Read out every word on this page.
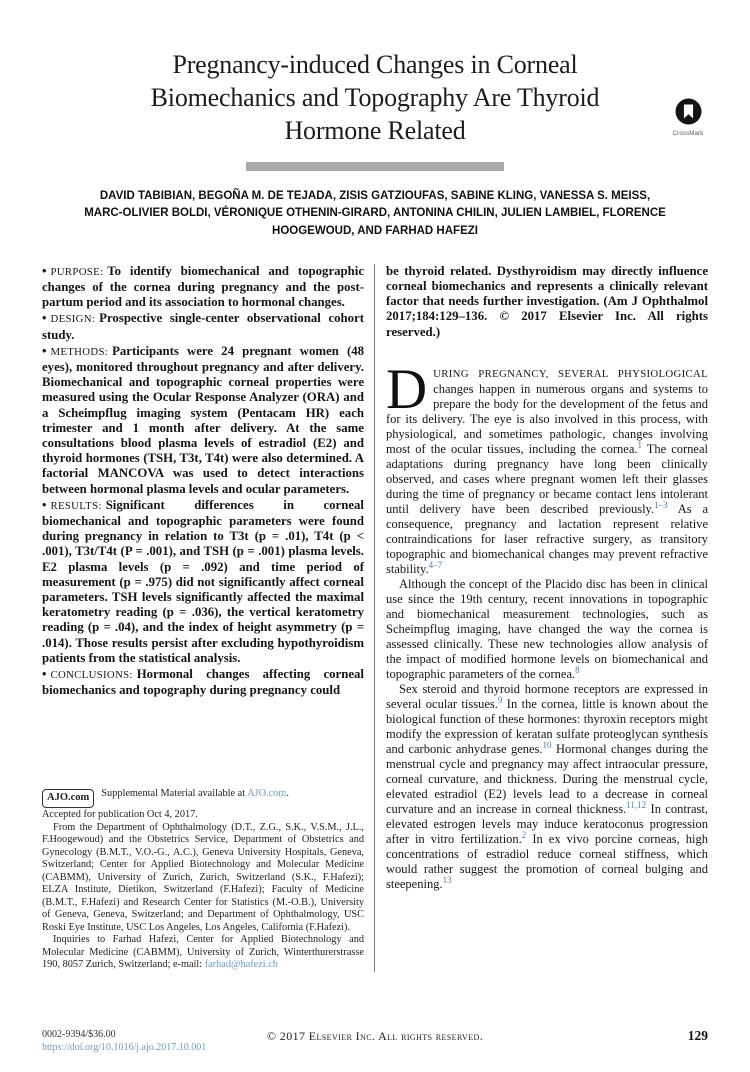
CrossMark
Pregnancy-induced Changes in Corneal Biomechanics and Topography Are Thyroid Hormone Related
DAVID TABIBIAN, BEGOÑA M. DE TEJADA, ZISIS GATZIOUFAS, SABINE KLING, VANESSA S. MEISS, MARC-OLIVIER BOLDI, VÉRONIQUE OTHENIN-GIRARD, ANTONINA CHILIN, JULIEN LAMBIEL, FLORENCE HOOGEWOUD, AND FARHAD HAFEZI

• PURPOSE: To identify biomechanical and topographic changes of the cornea during pregnancy and the post-partum period and its association to hormonal changes.

• DESIGN: Prospective single-center observational cohort study.

• METHODS: Participants were 24 pregnant women (48 eyes), monitored throughout pregnancy and after delivery. Biomechanical and topographic corneal properties were measured using the Ocular Response Analyzer (ORA) and a Scheimpflug imaging system (Pentacam HR) each trimester and 1 month after delivery. At the same consultations blood plasma levels of estradiol (E2) and thyroid hormones (TSH, T3t, T4t) were also determined. A factorial MANCOVA was used to detect interactions between hormonal plasma levels and ocular parameters.

• RESULTS: Significant differences in corneal biomechanical and topographic parameters were found during pregnancy in relation to T3t (p = .01), T4t (p < .001), T3t/T4t (P = .001), and TSH (p = .001) plasma levels. E2 plasma levels (p = .092) and time period of measurement (p = .975) did not significantly affect corneal parameters. TSH levels significantly affected the maximal keratometry reading (p = .036), the vertical keratometry reading (p = .04), and the index of height asymmetry (p = .014). Those results persist after excluding hypothyroidism patients from the statistical analysis.

• CONCLUSIONS: Hormonal changes affecting corneal biomechanics and topography during pregnancy could

AJO.com Supplemental Material available at AJO.com.

Accepted for publication Oct 4, 2017.

From the Department of Ophthalmology (D.T., Z.G., S.K., V.S.M., J.L., F.Hoogewoud) and the Obstetrics Service, Department of Obstetrics and Gynecology (B.M.T., V.O.-G., A.C.), Geneva University Hospitals, Geneva, Switzerland; Center for Applied Biotechnology and Molecular Medicine (CABMM), University of Zurich, Zurich, Switzerland (S.K., F.Hafezi); ELZA Institute, Dietikon, Switzerland (F.Hafezi); Faculty of Medicine (B.M.T., F.Hafezi) and Research Center for Statistics (M.-O.B.), University of Geneva, Geneva, Switzerland; and Department of Ophthalmology, USC Roski Eye Institute, USC Los Angeles, Los Angeles, California (F.Hafezi).

Inquiries to Farhad Hafezi, Center for Applied Biotechnology and Molecular Medicine (CABMM), University of Zurich, Winterthurerstrasse 190, 8057 Zurich, Switzerland; e-mail: farhad@hafezi.ch

be thyroid related. Dysthyroidism may directly influence corneal biomechanics and represents a clinically relevant factor that needs further investigation. (Am J Ophthalmol 2017;184:129–136. © 2017 Elsevier Inc. All rights reserved.)

DURING PREGNANCY, SEVERAL PHYSIOLOGICAL changes happen in numerous organs and systems to prepare the body for the development of the fetus and for its delivery. The eye is also involved in this process, with physiological, and sometimes pathologic, changes involving most of the ocular tissues, including the cornea.$^1$ The corneal adaptations during pregnancy have long been clinically observed, and cases where pregnant women left their glasses during the time of pregnancy or became contact lens intolerant until delivery have been described previously.$^{1-3}$ As a consequence, pregnancy and lactation represent relative contraindications for laser refractive surgery, as transitory topographic and biomechanical changes may prevent refractive stability.$^{4-7}$

Although the concept of the Placido disc has been in clinical use since the 19th century, recent innovations in topographic and biomechanical measurement technologies, such as Scheimpflug imaging, have changed the way the cornea is assessed clinically. These new technologies allow analysis of the impact of modified hormone levels on biomechanical and topographic parameters of the cornea.$^8$

Sex steroid and thyroid hormone receptors are expressed in several ocular tissues.$^9$ In the cornea, little is known about the biological function of these hormones: thyroxin receptors might modify the expression of keratan sulfate proteoglycan synthesis and carbonic anhydrase genes.$^{10}$ Hormonal changes during the menstrual cycle and pregnancy may affect intraocular pressure, corneal curvature, and thickness. During the menstrual cycle, elevated estradiol (E2) levels lead to a decrease in corneal curvature and an increase in corneal thickness.$^{11,12}$ In contrast, elevated estrogen levels may induce keratoconus progression after in vitro fertilization.$^2$ In ex vivo porcine corneas, high concentrations of estradiol reduce corneal stiffness, which would rather suggest the promotion of corneal bulging and steepening.$^{13}$

0002-9394/$36.00
https://doi.org/10.1016/j.ajo.2017.10.001
© 2017 Elsevier Inc. All rights reserved.	129
